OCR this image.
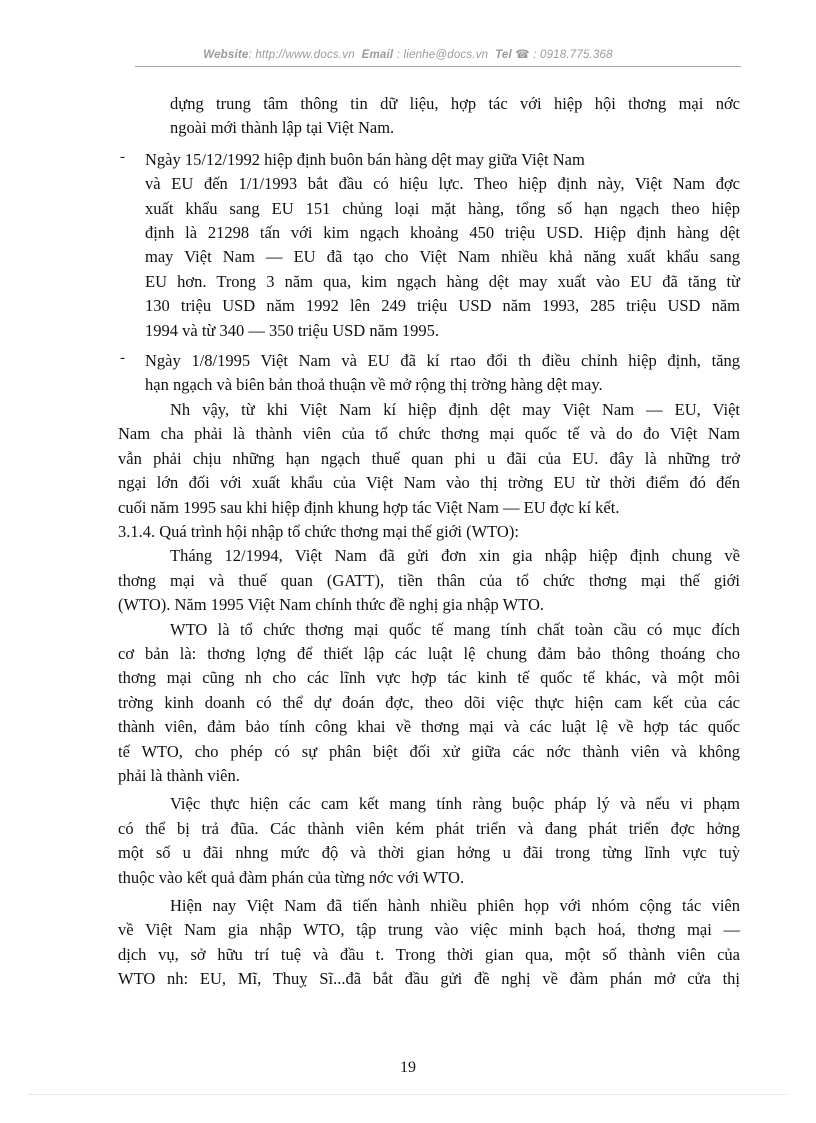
Website: http://www.docs.vn Email : lienhe@docs.vn Tel ☎ : 0918.775.368

dựng trung tâm thông tin dữ liệu, hợp tác với hiệp hội thơng mại nớc

ngoài mới thành lập tại Việt Nam.

- Ngày 15/12/1992 hiệp định buôn bán hàng dệt may giữa Việt Nam

và EU đến 1/1/1993 bắt đầu có hiệu lực. Theo hiệp định này, Việt Nam đợc

xuất khẩu sang EU 151 chủng loại mặt hàng, tổng số hạn ngạch theo hiệp

định là 21298 tấn với kim ngạch khoảng 450 triệu USD. Hiệp định hàng dệt

may Việt Nam — EU đã tạo cho Việt Nam nhiều khả năng xuất khẩu sang

EU hơn. Trong 3 năm qua, kim ngạch hàng dệt may xuất vào EU đã tăng từ

130 triệu USD năm 1992 lên 249 triệu USD năm 1993, 285 triệu USD năm

1994 và từ 340 — 350 triệu USD năm 1995.

- Ngày 1/8/1995 Việt Nam và EU đã kí rtao đổi th điều chỉnh hiệp định, tăng

hạn ngạch và biên bản thoả thuận về mở rộng thị trờng hàng dệt may.

Nh vậy, từ khi Việt Nam kí hiệp định dệt may Việt Nam — EU, Việt

Nam cha phải là thành viên của tổ chức thơng mại quốc tế và do đo Việt Nam

vẫn phải chịu những hạn ngạch thuế quan phi u đãi của EU. đây là những trở

ngại lớn đối với xuất khẩu của Việt Nam vào thị trờng EU từ thời điểm đó đến

cuối năm 1995 sau khi hiệp định khung hợp tác Việt Nam — EU đợc kí kết.

3.1.4. Quá trình hội nhập tổ chức thơng mại thế giới (WTO):

Tháng 12/1994, Việt Nam đã gửi đơn xin gia nhập hiệp định chung về

thơng mại và thuế quan (GATT), tiền thân của tổ chức thơng mại thế giới

(WTO). Năm 1995 Việt Nam chính thức đề nghị gia nhập WTO.

WTO là tổ chức thơng mại quốc tế mang tính chất toàn cầu có mục đích

cơ bản là: thơng lợng để thiết lập các luật lệ chung đảm bảo thông thoáng cho

thơng mại cũng nh cho các lĩnh vực hợp tác kinh tế quốc tế khác, và một môi

trờng kinh doanh có thể dự đoán đợc, theo dõi việc thực hiện cam kết của các

thành viên, đảm bảo tính công khai về thơng mại và các luật lệ về hợp tác quốc

tế WTO, cho phép có sự phân biệt đối xử giữa các nớc thành viên và không

phải là thành viên.

Việc thực hiện các cam kết mang tính ràng buộc pháp lý và nếu vi phạm

có thể bị trả đũa. Các thành viên kém phát triển và đang phát triển đợc hởng

một số u đãi nhng mức độ và thời gian hởng u đãi trong từng lĩnh vực tuỳ

thuộc vào kết quả đàm phán của từng nớc với WTO.

Hiện nay Việt Nam đã tiến hành nhiều phiên họp với nhóm cộng tác viên

về Việt Nam gia nhập WTO, tập trung vào việc minh bạch hoá, thơng mại —

dịch vụ, sở hữu trí tuệ và đầu t. Trong thời gian qua, một số thành viên của

WTO nh: EU, Mĩ, Thuỵ Sĩ...đã bắt đầu gửi đề nghị về đàm phán mở cửa thị

19
